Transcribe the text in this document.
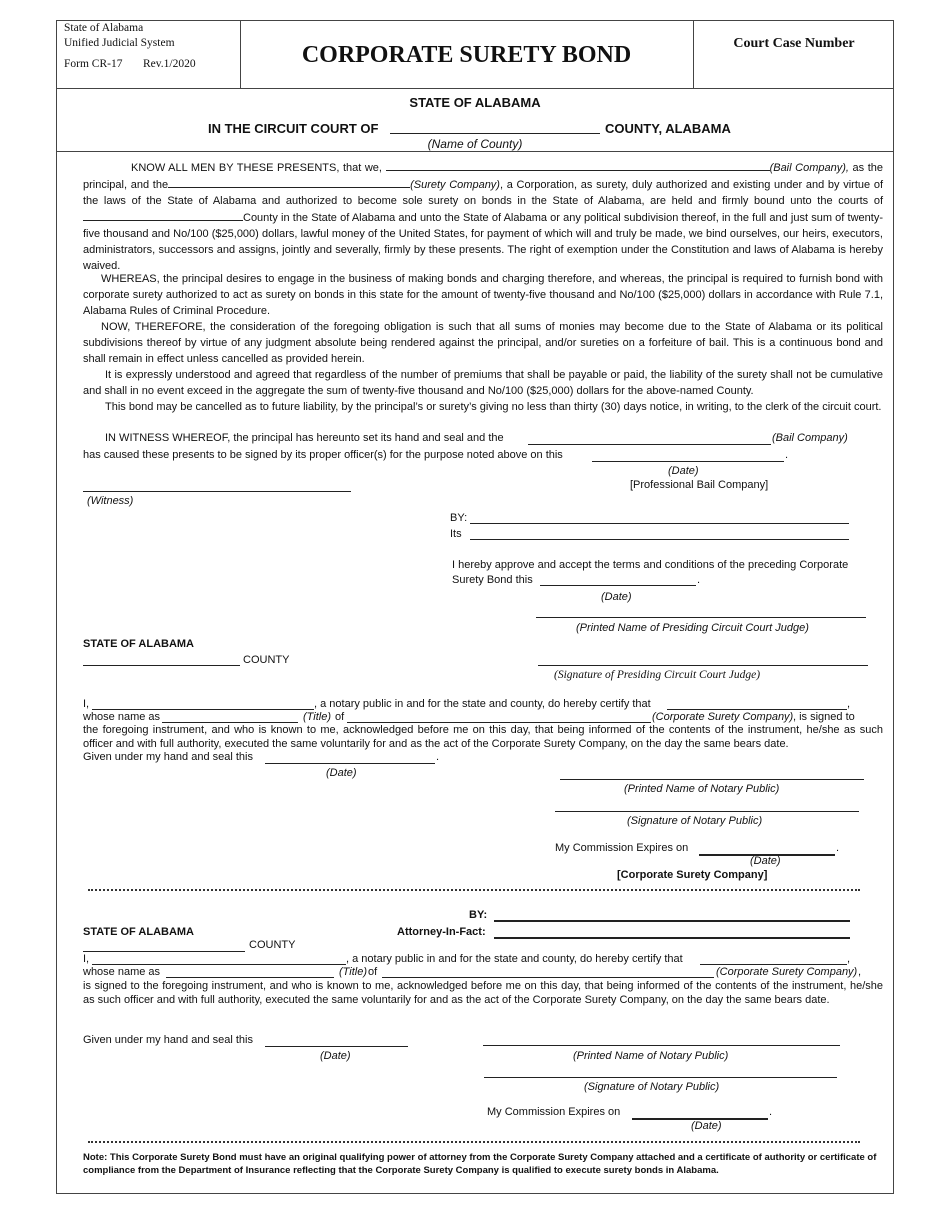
State of Alabama
Unified Judicial System
Form CR-17 Rev.1/2020	CORPORATE SURETY BOND	Court Case Number
STATE OF ALABAMA
IN THE CIRCUIT COURT OF	COUNTY, ALABAMA
(Name of County)
KNOW ALL MEN BY THESE PRESENTS, that we,	(Bail Company), as the principal, and the	(Surety Company), a Corporation, as surety, duly authorized and existing under and by virtue of the laws of the State of Alabama and authorized to become sole surety on bonds in the State of Alabama, are held and firmly bound unto the courts of County in the State of Alabama and unto the State of Alabama or any political subdivision thereof, in the full and just sum of twenty-five thousand and No/100 ($25,000) dollars, lawful money of the United States, for payment of which will and truly be made, we bind ourselves, our heirs, executors, administrators, successors and assigns, jointly and severally, firmly by these presents. The right of exemption under the Constitution and laws of Alabama is hereby waived.
WHEREAS, the principal desires to engage in the business of making bonds and charging therefore, and whereas, the principal is required to furnish bond with corporate surety authorized to act as surety on bonds in this state for the amount of twenty-five thousand and No/100 ($25,000) dollars in accordance with Rule 7.1, Alabama Rules of Criminal Procedure.
NOW, THEREFORE, the consideration of the foregoing obligation is such that all sums of monies may become due to the State of Alabama or its political subdivisions thereof by virtue of any judgment absolute being rendered against the principal, and/or sureties on a forfeiture of bail. This is a continuous bond and shall remain in effect unless cancelled as provided herein.
It is expressly understood and agreed that regardless of the number of premiums that shall be payable or paid, the liability of the surety shall not be cumulative and shall in no event exceed in the aggregate the sum of twenty-five thousand and No/100 ($25,000) dollars for the above-named County.
This bond may be cancelled as to future liability, by the principal’s or surety’s giving no less than thirty (30) days notice, in writing, to the clerk of the circuit court.
IN WITNESS WHEREOF, the principal has hereunto set its hand and seal and the	(Bail Company)
has caused these presents to be signed by its proper officer(s) for the purpose noted above on this	.
(Date)
[Professional Bail Company]
(Witness)
BY:
Its
I hereby approve and accept the terms and conditions of the preceding Corporate
Surety Bond this	.
(Date)
(Printed Name of Presiding Circuit Court Judge)
(Signature of Presiding Circuit Court Judge)
STATE OF ALABAMA
COUNTY
I,	, a notary public in and for the state and county, do hereby certify that	,
whose name as	(Title) of	(Corporate Surety Company) , is signed to
the foregoing instrument, and who is known to me, acknowledged before me on this day, that being informed of the contents of the instrument, he/she as such officer and with full authority, executed the same voluntarily for and as the act of the Corporate Surety Company, on the day the same bears date.
Given under my hand and seal this	.
(Date)
(Printed Name of Notary Public)
(Signature of Notary Public)
My Commission Expires on	.
(Date)
[Corporate Surety Company]
BY:
Attorney-In-Fact:
STATE OF ALABAMA
COUNTY
I,	, a notary public in and for the state and county, do hereby certify that	,
whose name as	(Title) of	(Corporate Surety Company) ,
is signed to the foregoing instrument, and who is known to me, acknowledged before me on this day, that being informed of the contents of the instrument, he/she as such officer and with full authority, executed the same voluntarily for and as the act of the Corporate Surety Company, on the day the same bears date.
Given under my hand and seal this
(Date)	(Printed Name of Notary Public)
(Signature of Notary Public)
My Commission Expires on	.
(Date)
Note: This Corporate Surety Bond must have an original qualifying power of attorney from the Corporate Surety Company attached and a certificate of authority or certificate of compliance from the Department of Insurance reflecting that the Corporate Surety Company is qualified to execute surety bonds in Alabama.
